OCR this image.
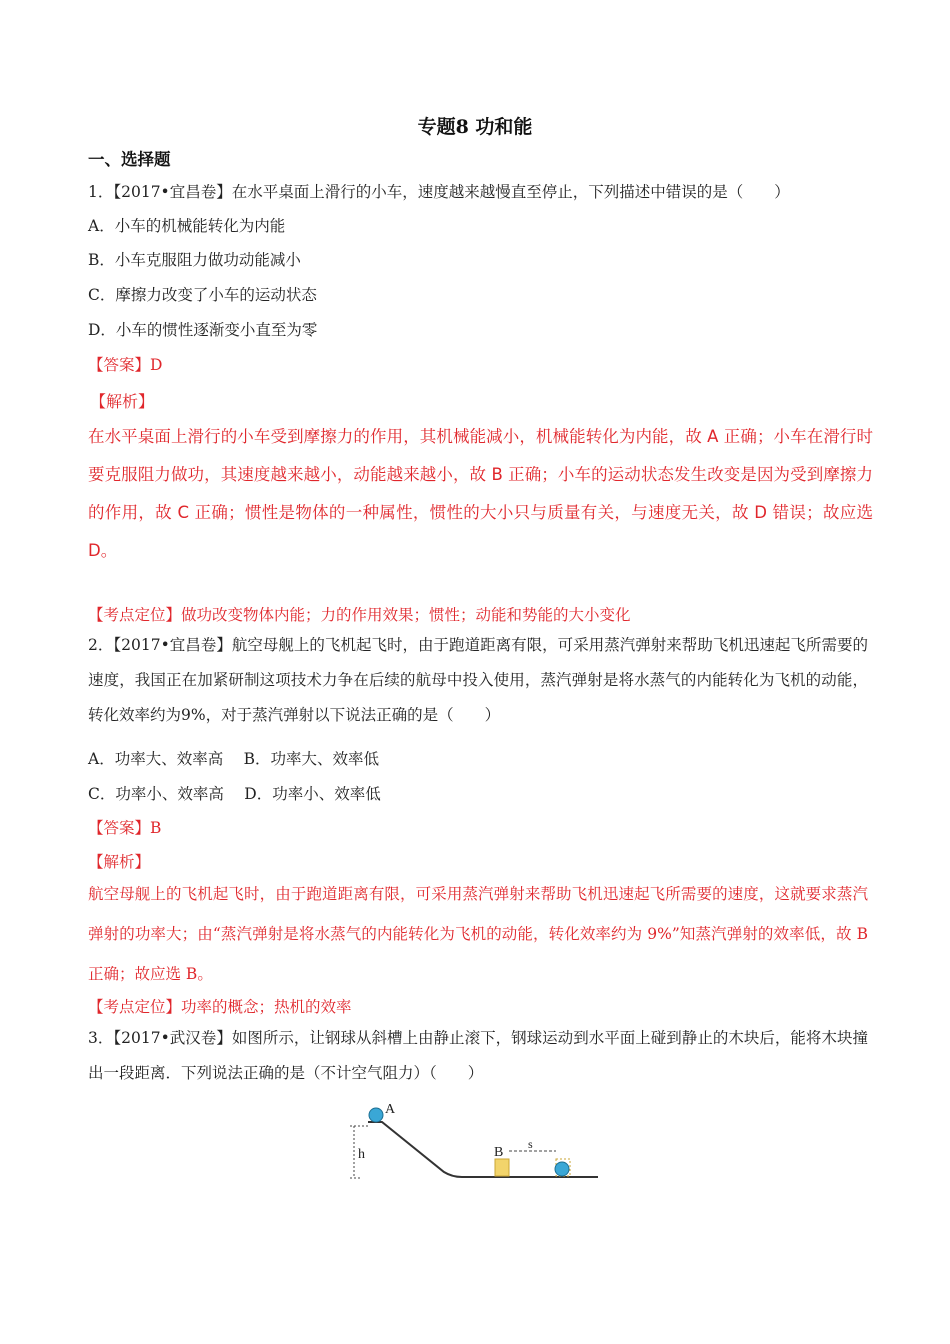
专题8 功和能
一、选择题
1．【2017•宜昌卷】在水平桌面上滑行的小车，速度越来越慢直至停止，下列描述中错误的是（　　）
A．小车的机械能转化为内能
B．小车克服阻力做功动能减小
C．摩擦力改变了小车的运动状态
D．小车的惯性逐渐变小直至为零
【答案】D
【解析】
在水平桌面上滑行的小车受到摩擦力的作用，其机械能减小，机械能转化为内能，故 A 正确；小车在滑行时要克服阻力做功，其速度越来越小，动能越来越小，故 B 正确；小车的运动状态发生改变是因为受到摩擦力的作用，故 C 正确；惯性是物体的一种属性，惯性的大小只与质量有关，与速度无关，故 D 错误；故应选 D。
【考点定位】做功改变物体内能；力的作用效果；惯性；动能和势能的大小变化
2．【2017•宜昌卷】航空母舰上的飞机起飞时，由于跑道距离有限，可采用蒸汽弹射来帮助飞机迅速起飞所需要的速度，我国正在加紧研制这项技术力争在后续的航母中投入使用，蒸汽弹射是将水蒸气的内能转化为飞机的动能，转化效率约为9%，对于蒸汽弹射以下说法正确的是（　　）
A．功率大、效率高　 B．功率大、效率低
C．功率小、效率高　 D．功率小、效率低
【答案】B
【解析】
航空母舰上的飞机起飞时，由于跑道距离有限，可采用蒸汽弹射来帮助飞机迅速起飞所需要的速度，这就要求蒸汽弹射的功率大；由“蒸汽弹射是将水蒸气的内能转化为飞机的动能，转化效率约为 9%”知蒸汽弹射的效率低，故 B 正确；故应选 B。
【考点定位】功率的概念；热机的效率
3．【2017•武汉卷】如图所示，让钢球从斜槽上由静止滚下，钢球运动到水平面上碰到静止的木块后，能将木块撞出一段距离．下列说法正确的是（不计空气阻力）（　　）
A
h	B
s
